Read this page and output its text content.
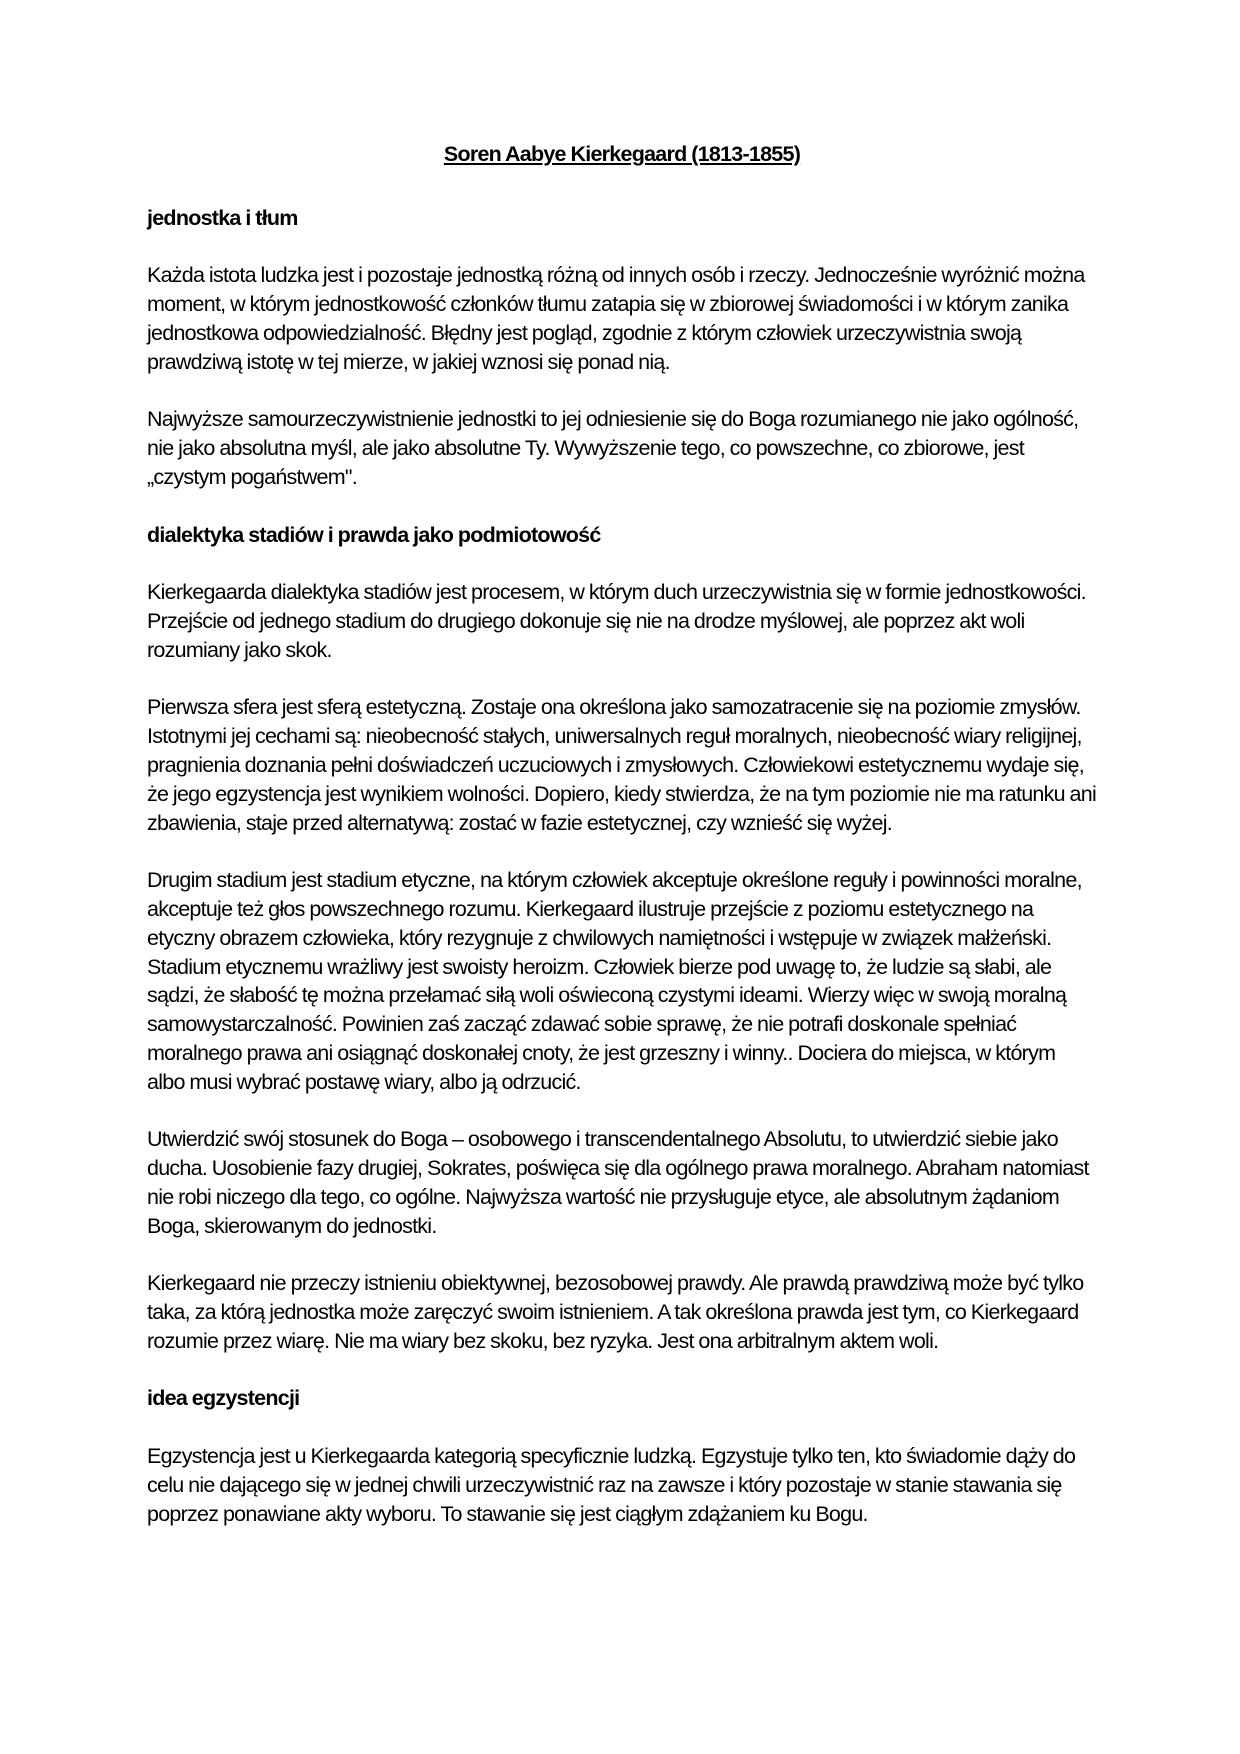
Soren Aabye Kierkegaard (1813-1855)
jednostka i tłum
Każda istota ludzka jest i pozostaje jednostką różną od innych osób i rzeczy. Jednocześnie wyróżnić można moment, w którym jednostkowość członków tłumu zatapia się w zbiorowej świadomości i w którym zanika jednostkowa odpowiedzialność. Błędny jest pogląd, zgodnie z którym człowiek urzeczywistnia swoją prawdziwą istotę w tej mierze, w jakiej wznosi się ponad nią.
Najwyższe samourzeczywistnienie jednostki to jej odniesienie się do Boga rozumianego nie jako ogólność, nie jako absolutna myśl, ale jako absolutne Ty. Wywyższenie tego, co powszechne, co zbiorowe, jest „czystym pogaństwem".
dialektyka stadiów i prawda jako podmiotowość
Kierkegaarda dialektyka stadiów jest procesem, w którym duch urzeczywistnia się w formie jednostkowości. Przejście od jednego stadium do drugiego dokonuje się nie na drodze myślowej, ale poprzez akt woli rozumiany jako skok.
Pierwsza sfera jest sferą estetyczną. Zostaje ona określona jako samozatracenie się na poziomie zmysłów. Istotnymi jej cechami są: nieobecność stałych, uniwersalnych reguł moralnych, nieobecność wiary religijnej, pragnienia doznania pełni doświadczeń uczuciowych i zmysłowych. Człowiekowi estetycznemu wydaje się, że jego egzystencja jest wynikiem wolności. Dopiero, kiedy stwierdza, że na tym poziomie nie ma ratunku ani zbawienia, staje przed alternatywą: zostać w fazie estetycznej, czy wznieść się wyżej.
Drugim stadium jest stadium etyczne, na którym człowiek akceptuje określone reguły i powinności moralne, akceptuje też głos powszechnego rozumu. Kierkegaard ilustruje przejście z poziomu estetycznego na etyczny obrazem człowieka, który rezygnuje z chwilowych namiętności i wstępuje w związek małżeński. Stadium etycznemu wrażliwy jest swoisty heroizm. Człowiek bierze pod uwagę to, że ludzie są słabi, ale sądzi, że słabość tę można przełamać siłą woli oświeconą czystymi ideami. Wierzy więc w swoją moralną samowystarczalność. Powinien zaś zacząć zdawać sobie sprawę, że nie potrafi doskonale spełniać moralnego prawa ani osiągnąć doskonałej cnoty, że jest grzeszny i winny.. Dociera do miejsca, w którym albo musi wybrać postawę wiary, albo ją odrzucić.
Utwierdzić swój stosunek do Boga – osobowego i transcendentalnego Absolutu, to utwierdzić siebie jako ducha. Uosobienie fazy drugiej, Sokrates, poświęca się dla ogólnego prawa moralnego. Abraham natomiast nie robi niczego dla tego, co ogólne. Najwyższa wartość nie przysługuje etyce, ale absolutnym żądaniom Boga, skierowanym do jednostki.
Kierkegaard nie przeczy istnieniu obiektywnej, bezosobowej prawdy. Ale prawdą prawdziwą może być tylko taka, za którą jednostka może zaręczyć swoim istnieniem. A tak określona prawda jest tym, co Kierkegaard rozumie przez wiarę. Nie ma wiary bez skoku, bez ryzyka. Jest ona arbitralnym aktem woli.
idea egzystencji
Egzystencja jest u Kierkegaarda kategorią specyficznie ludzką. Egzystuje tylko ten, kto świadomie dąży do celu nie dającego się w jednej chwili urzeczywistnić raz na zawsze i który pozostaje w stanie stawania się poprzez ponawiane akty wyboru. To stawanie się jest ciągłym zdążaniem ku Bogu.
